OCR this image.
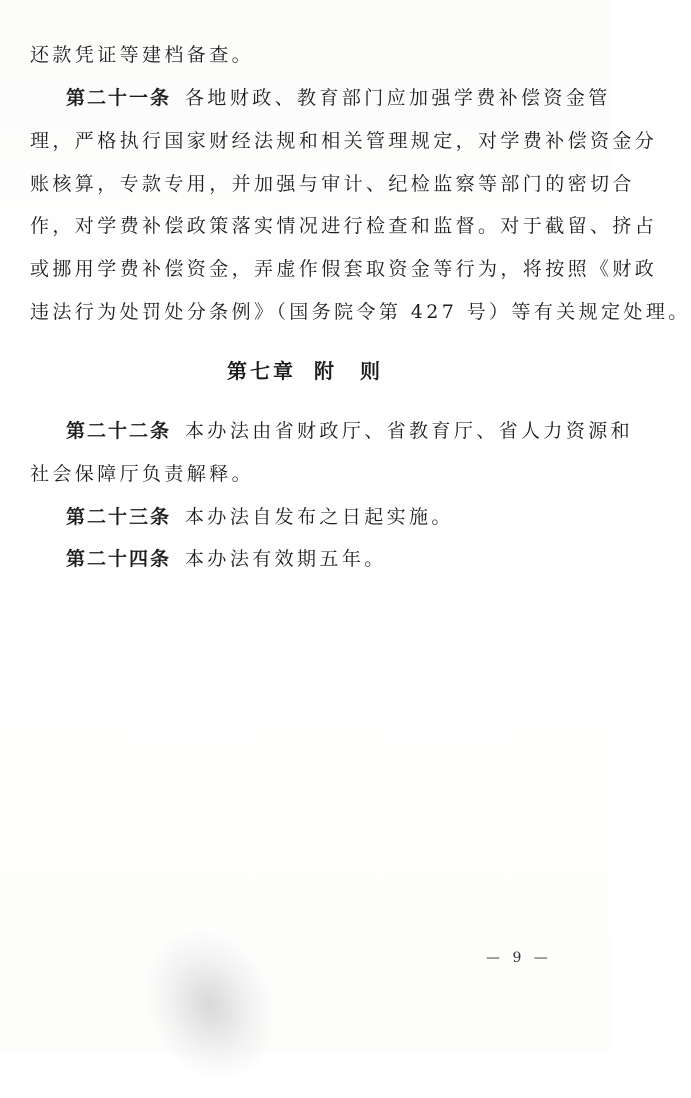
还款凭证等建档备查。
第二十一条 各地财政、教育部门应加强学费补偿资金管
理，严格执行国家财经法规和相关管理规定，对学费补偿资金分
账核算，专款专用，并加强与审计、纪检监察等部门的密切合
作，对学费补偿政策落实情况进行检查和监督。对于截留、挤占
或挪用学费补偿资金，弄虚作假套取资金等行为，将按照《财政
违法行为处罚处分条例》（国务院令第 427 号）等有关规定处理。
第七章 附　则
第二十二条 本办法由省财政厅、省教育厅、省人力资源和
社会保障厅负责解释。
第二十三条 本办法自发布之日起实施。
第二十四条 本办法有效期五年。
— 9 —
